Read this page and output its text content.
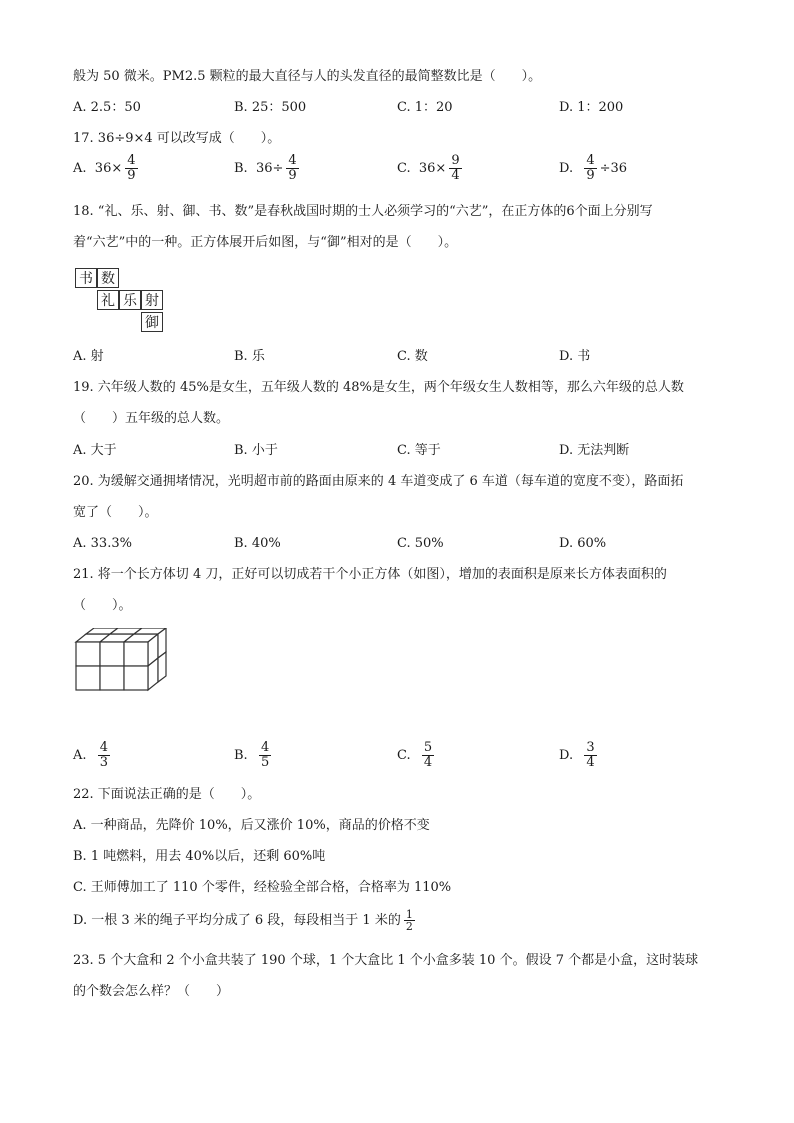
般为 50 微米。PM2.5 颗粒的最大直径与人的头发直径的最简整数比是（　　）。
A. 2.5：50	B. 25：500	C. 1：20	D. 1：200
17. 36÷9×4 可以改写成（　　）。
A.
$36\times \frac{4}{9}$	B.
$36\div \frac{4}{9}$	C.
$36\times \frac{9}{4}$	D.
$\frac{4}{9} \div 36$
18. “礼、乐、射、御、书、数”是春秋战国时期的士人必须学习的“六艺”，在正方体的6个面上分别写
着“六艺”中的一种。正方体展开后如图，与“御”相对的是（　　）。
书 数
礼 乐 射
御
A. 射	B. 乐	C. 数	D. 书
19. 六年级人数的 45%是女生，五年级人数的 48%是女生，两个年级女生人数相等，那么六年级的总人数
（　　）五年级的总人数。
A. 大于	B. 小于	C. 等于	D. 无法判断
20. 为缓解交通拥堵情况，光明超市前的路面由原来的 4 车道变成了 6 车道（每车道的宽度不变），路面拓
宽了（　　）。
A. 33.3%	B. 40%	C. 50%	D. 60%
21. 将一个长方体切 4 刀，正好可以切成若干个小正方体（如图），增加的表面积是原来长方体表面积的
（　　）。
A.
$\frac{4}{3}$	B.
$\frac{4}{5}$	C.
$\frac{5}{4}$	D.
$\frac{3}{4}$
22. 下面说法正确的是（　　）。
A. 一种商品，先降价 10%，后又涨价 10%，商品的价格不变
B. 1 吨燃料，用去 40%以后，还剩 60%吨
C. 王师傅加工了 110 个零件，经检验全部合格，合格率为 110%
D. 一根 3 米的绳子平均分成了 6 段，每段相当于 1 米的 $\frac{1}{2}$
23. 5 个大盒和 2 个小盒共装了 190 个球，1 个大盒比 1 个小盒多装 10 个。假设 7 个都是小盒，这时装球
的个数会怎么样？（　　）
